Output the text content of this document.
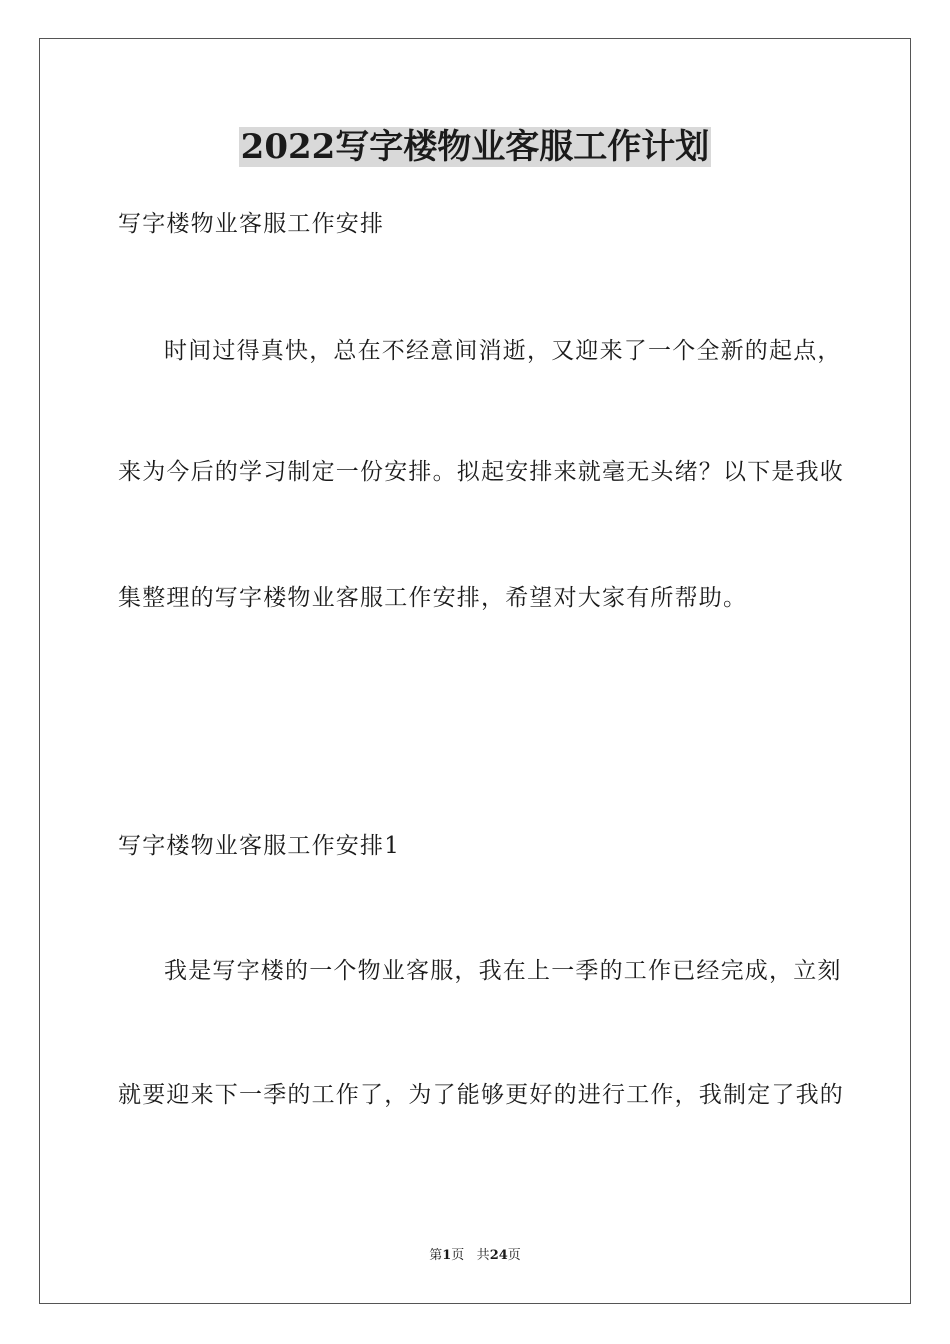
2022写字楼物业客服工作计划

写字楼物业客服工作安排

时间过得真快，总在不经意间消逝，又迎来了一个全新的起点，

来为今后的学习制定一份安排。拟起安排来就毫无头绪？以下是我收

集整理的写字楼物业客服工作安排，希望对大家有所帮助。

写字楼物业客服工作安排1

我是写字楼的一个物业客服，我在上一季的工作已经完成，立刻

就要迎来下一季的工作了，为了能够更好的进行工作，我制定了我的

第1页 共24页
